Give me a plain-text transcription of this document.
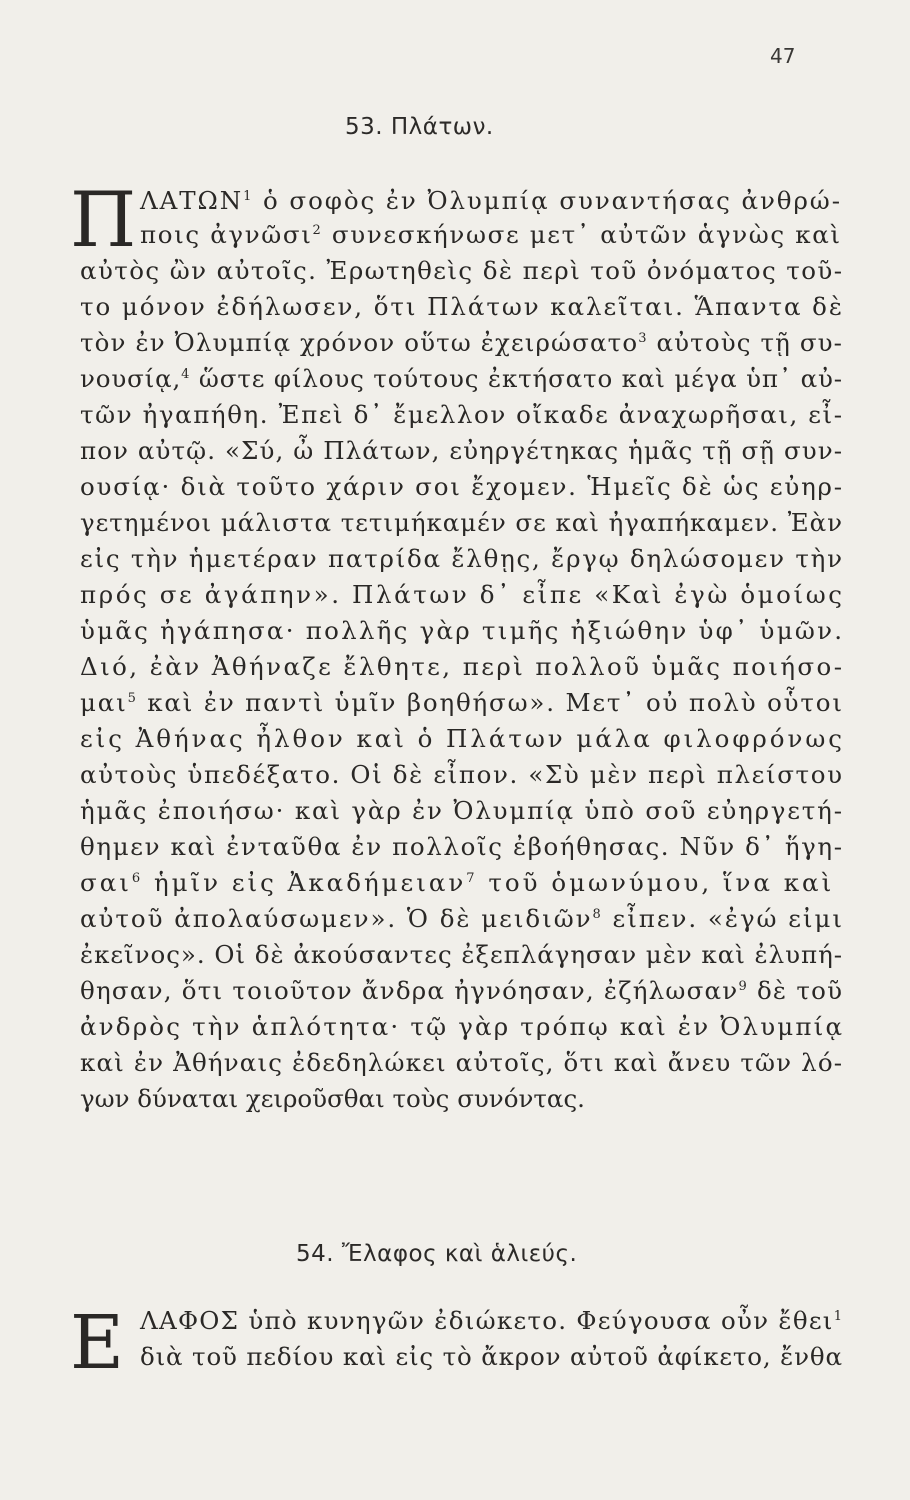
47
53. Πλάτων.
Π ΛΑΤΩΝ$^1$ ὁ σοφὸς ἐν Ὀλυμπίᾳ συναντήσας ἀνθρώ-
ποις ἀγνῶσι$^2$ συνεσκήνωσε μετ᾽ αὐτῶν ἁγνὼς καὶ
αὐτὸς ὢν αὐτοῖς. Ἐρωτηθεὶς δὲ περὶ τοῦ ὀνόματος τοῦ-
το μόνον ἐδήλωσεν, ὅτι Πλάτων καλεῖται. Ἅπαντα δὲ
τὸν ἐν Ὀλυμπίᾳ χρόνον οὕτω ἐχειρώσατο$^3$ αὐτοὺς τῇ συ-
νουσίᾳ,$^4$ ὥστε φίλους τούτους ἐκτήσατο καὶ μέγα ὑπ᾽ αὐ-
τῶν ἠγαπήθη. Ἐπεὶ δ᾽ ἔμελλον οἴκαδε ἀναχωρῆσαι, εἶ-
πον αὐτῷ. «Σύ, ὦ Πλάτων, εὐηργέτηκας ἡμᾶς τῇ σῇ συν-
ουσίᾳ· διὰ τοῦτο χάριν σοι ἔχομεν. Ἡμεῖς δὲ ὡς εὐηρ-
γετημένοι μάλιστα τετιμήκαμέν σε καὶ ἠγαπήκαμεν. Ἐὰν
εἰς τὴν ἡμετέραν πατρίδα ἔλθῃς, ἔργῳ δηλώσομεν τὴν
πρός σε ἀγάπην». Πλάτων δ᾽ εἶπε «Καὶ ἐγὼ ὁμοίως
ὑμᾶς ἠγάπησα· πολλῆς γὰρ τιμῆς ἠξιώθην ὑφ᾽ ὑμῶν.
Διό, ἐὰν Ἀθήναζε ἔλθητε, περὶ πολλοῦ ὑμᾶς ποιήσο-
μαι$^5$ καὶ ἐν παντὶ ὑμῖν βοηθήσω». Μετ᾽ οὐ πολὺ οὗτοι
εἰς Ἀθήνας ἦλθον καὶ ὁ Πλάτων μάλα φιλοφρόνως
αὐτοὺς ὑπεδέξατο. Οἱ δὲ εἶπον. «Σὺ μὲν περὶ πλείστου
ἡμᾶς ἐποιήσω· καὶ γὰρ ἐν Ὀλυμπίᾳ ὑπὸ σοῦ εὐηργετή-
θημεν καὶ ἐνταῦθα ἐν πολλοῖς ἐβοήθησας. Νῦν δ᾽ ἥγη-
σαι$^6$ ἡμῖν εἰς Ἀκαδήμειαν$^7$ τοῦ ὁμωνύμου, ἵνα καὶ
αὐτοῦ ἀπολαύσωμεν». Ὁ δὲ μειδιῶν$^8$ εἶπεν. «ἐγώ εἰμι
ἐκεῖνος». Οἱ δὲ ἀκούσαντες ἐξεπλάγησαν μὲν καὶ ἐλυπή-
θησαν, ὅτι τοιοῦτον ἄνδρα ἠγνόησαν, ἐζήλωσαν$^9$ δὲ τοῦ
ἀνδρὸς τὴν ἁπλότητα· τῷ γὰρ τρόπῳ καὶ ἐν Ὀλυμπίᾳ
καὶ ἐν Ἀθήναις ἐδεδηλώκει αὐτοῖς, ὅτι καὶ ἄνευ τῶν λό-
γων δύναται χειροῦσθαι τοὺς συνόντας.
54. Ἔλαφος καὶ ἁλιεύς.
Ε ΛΑΦΟΣ ὑπὸ κυνηγῶν ἐδιώκετο. Φεύγουσα οὖν ἔθει$^1$
διὰ τοῦ πεδίου καὶ εἰς τὸ ἄκρον αὐτοῦ ἀφίκετο, ἔνθα
